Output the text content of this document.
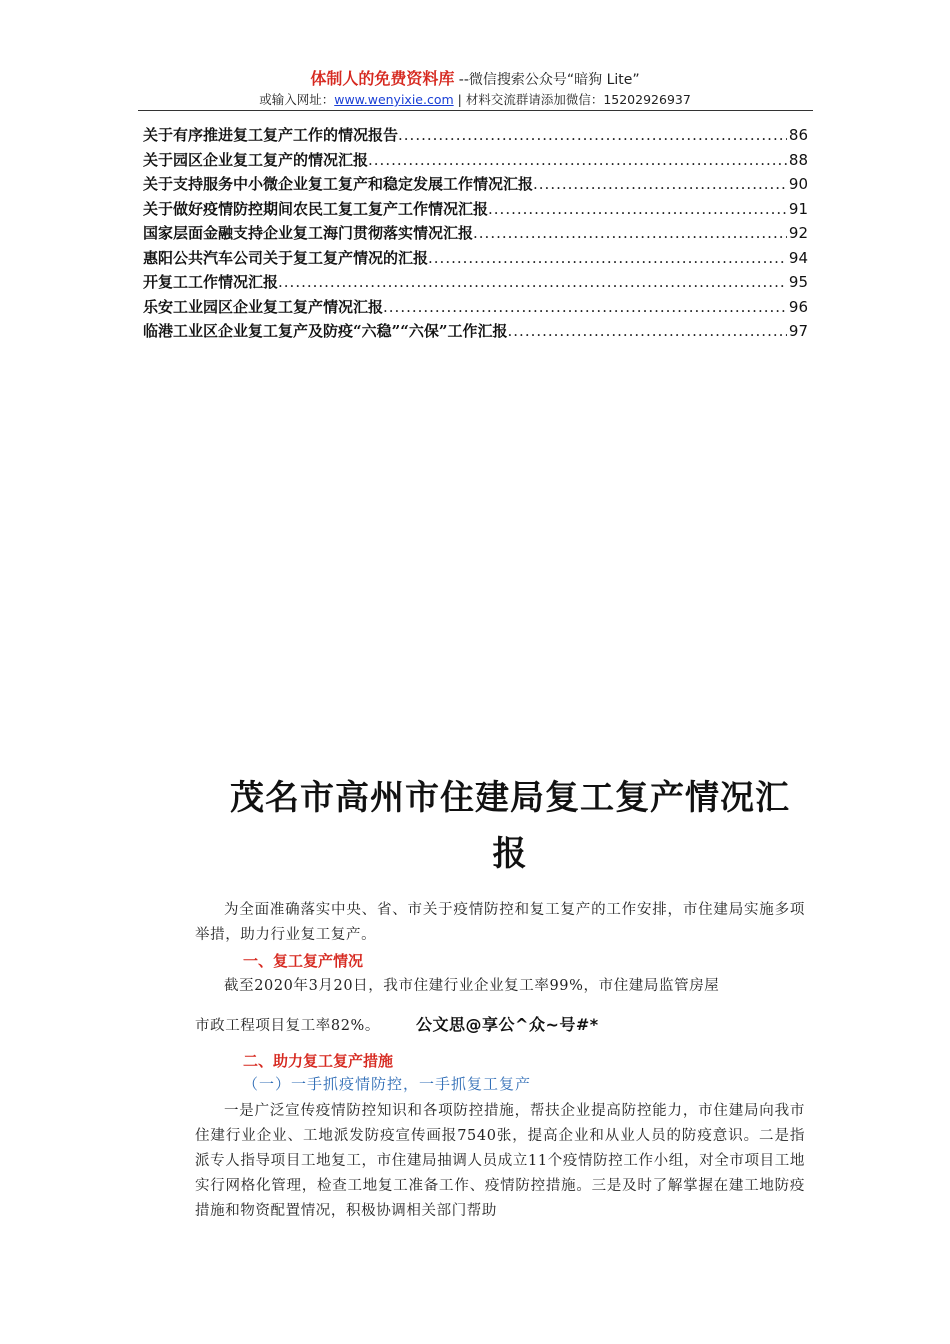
体制人的免费资料库 --微信搜索公众号“暗狗 Lite”
或输入网址：www.wenyixie.com | 材料交流群请添加微信：15202926937
关于有序推进复工复产工作的情况报告 .....	86
关于园区企业复工复产的情况汇报 .....	88
关于支持服务中小微企业复工复产和稳定发展工作情况汇报 .....	90
关于做好疫情防控期间农民工复工复产工作情况汇报 .....	91
国家层面金融支持企业复工海门贯彻落实情况汇报 .....	92
惠阳公共汽车公司关于复工复产情况的汇报 .....	94
开复工工作情况汇报 .....	95
乐安工业园区企业复工复产情况汇报 .....	96
临港工业区企业复工复产及防疫“六稳”“六保”工作汇报 .....	97
茂名市高州市住建局复工复产情况汇
报
为全面准确落实中央、省、市关于疫情防控和复工复产的工作安排，市住建局实施多项举措，助力行业复工复产。
一、复工复产情况
截至2020年3月20日，我市住建行业企业复工率99%，市住建局监管房屋
市政工程项目复工率82%。 公文思@享公^众~号#*
二、助力复工复产措施
（一）一手抓疫情防控，一手抓复工复产
一是广泛宣传疫情防控知识和各项防控措施，帮扶企业提高防控能力，市住建局向我市住建行业企业、工地派发防疫宣传画报7540张，提高企业和从业人员的防疫意识。二是指派专人指导项目工地复工，市住建局抽调人员成立11个疫情防控工作小组，对全市项目工地实行网格化管理，检查工地复工准备工作、疫情防控措施。三是及时了解掌握在建工地防疫措施和物资配置情况，积极协调相关部门帮助
